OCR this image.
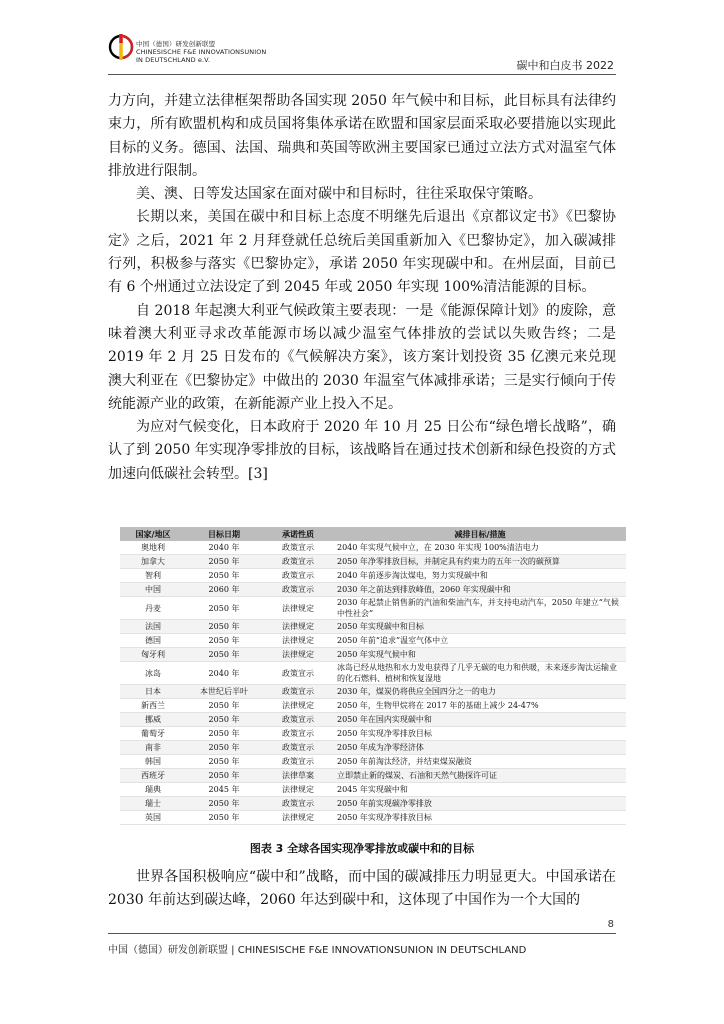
中国（德国）研发创新联盟
CHINESISCHE F&E INNOVATIONSUNION
IN DEUTSCHLAND e.V.	碳中和白皮书 2022

力方向，并建立法律框架帮助各国实现 2050 年气候中和目标，此目标具有法律约束力，所有欧盟机构和成员国将集体承诺在欧盟和国家层面采取必要措施以实现此目标的义务。德国、法国、瑞典和英国等欧洲主要国家已通过立法方式对温室气体排放进行限制。

美、澳、日等发达国家在面对碳中和目标时，往往采取保守策略。

长期以来，美国在碳中和目标上态度不明继先后退出《京都议定书》《巴黎协定》之后，2021 年 2 月拜登就任总统后美国重新加入《巴黎协定》，加入碳减排行列，积极参与落实《巴黎协定》，承诺 2050 年实现碳中和。在州层面，目前已有 6 个州通过立法设定了到 2045 年或 2050 年实现 100%清洁能源的目标。

自 2018 年起澳大利亚气候政策主要表现：一是《能源保障计划》的废除，意味着澳大利亚寻求改革能源市场以减少温室气体排放的尝试以失败告终；二是 2019 年 2 月 25 日发布的《气候解决方案》，该方案计划投资 35 亿澳元来兑现澳大利亚在《巴黎协定》中做出的 2030 年温室气体减排承诺；三是实行倾向于传统能源产业的政策，在新能源产业上投入不足。

为应对气候变化，日本政府于 2020 年 10 月 25 日公布“绿色增长战略”，确认了到 2050 年实现净零排放的目标，该战略旨在通过技术创新和绿色投资的方式加速向低碳社会转型。[3]

国家/地区	目标日期	承诺性质	减排目标/措施
奥地利	2040 年	政策宣示	2040 年实现气候中立，在 2030 年实现 100%清洁电力
加拿大	2050 年	政策宣示	2050 年净零排放目标，并制定具有约束力的五年一次的碳预算
智利	2050 年	政策宣示	2040 年前逐步淘汰煤电，努力实现碳中和
中国	2060 年	政策宣示	2030 年之前达到排放峰值，2060 年实现碳中和
丹麦	2050 年	法律规定	2030 年起禁止销售新的汽油和柴油汽车，并支持电动汽车，2050 年建立“气候中性社会”
法国	2050 年	法律规定	2050 年实现碳中和目标
德国	2050 年	法律规定	2050 年前“追求”温室气体中立
匈牙利	2050 年	法律规定	2050 年实现气候中和
冰岛	2040 年	政策宣示	冰岛已经从地热和水力发电获得了几乎无碳的电力和供暖，未来逐步淘汰运输业的化石燃料、植树和恢复湿地
日本	本世纪后半叶	政策宣示	2030 年，煤炭仍将供应全国四分之一的电力
新西兰	2050 年	法律规定	2050 年，生物甲烷将在 2017 年的基础上减少 24-47%
挪威	2050 年	政策宣示	2050 年在国内实现碳中和
葡萄牙	2050 年	政策宣示	2050 年实现净零排放目标
南非	2050 年	政策宣示	2050 年成为净零经济体
韩国	2050 年	政策宣示	2050 年前淘汰经济，并结束煤炭融资
西班牙	2050 年	法律草案	立即禁止新的煤炭、石油和天然气勘探许可证
瑞典	2045 年	法律规定	2045 年实现碳中和
瑞士	2050 年	政策宣示	2050 年前实现碳净零排放
英国	2050 年	法律规定	2050 年实现净零排放目标
图表 3 全球各国实现净零排放或碳中和的目标

世界各国积极响应“碳中和”战略，而中国的碳减排压力明显更大。中国承诺在 2030 年前达到碳达峰，2060 年达到碳中和，这体现了中国作为一个大国的

8
中国（德国）研发创新联盟 | CHINESISCHE F&E INNOVATIONSUNION IN DEUTSCHLAND
